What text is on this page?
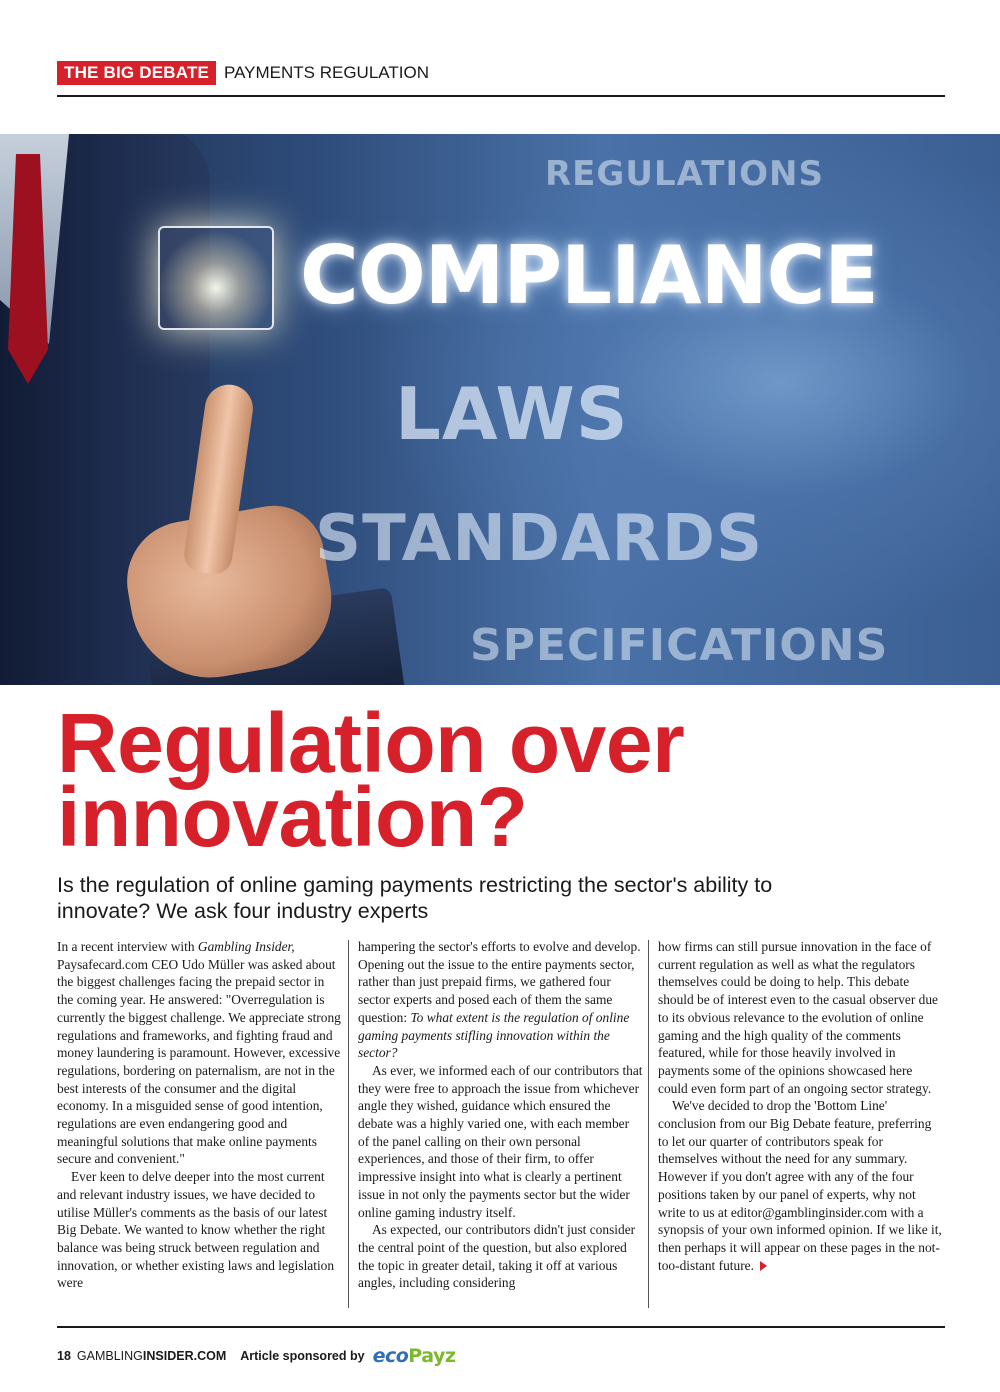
THE BIG DEBATE PAYMENTS REGULATION
REGULATIONS
COMPLIANCE
LAWS
STANDARDS
SPECIFICATIONS
Regulation over
innovation?

Is the regulation of online gaming payments restricting the sector's ability to innovate? We ask four industry experts

In a recent interview with Gambling Insider, Paysafecard.com CEO Udo Müller was asked about the biggest challenges facing the prepaid sector in the coming year. He answered: "Overregulation is currently the biggest challenge. We appreciate strong regulations and frameworks, and fighting fraud and money laundering is paramount. However, excessive regulations, bordering on paternalism, are not in the best interests of the consumer and the digital economy. In a misguided sense of good intention, regulations are even endangering good and meaningful solutions that make online payments secure and convenient."

Ever keen to delve deeper into the most current and relevant industry issues, we have decided to utilise Müller's comments as the basis of our latest Big Debate. We wanted to know whether the right balance was being struck between regulation and innovation, or whether existing laws and legislation were

hampering the sector's efforts to evolve and develop. Opening out the issue to the entire payments sector, rather than just prepaid firms, we gathered four sector experts and posed each of them the same question: To what extent is the regulation of online gaming payments stifling innovation within the sector?

As ever, we informed each of our contributors that they were free to approach the issue from whichever angle they wished, guidance which ensured the debate was a highly varied one, with each member of the panel calling on their own personal experiences, and those of their firm, to offer impressive insight into what is clearly a pertinent issue in not only the payments sector but the wider online gaming industry itself.

As expected, our contributors didn't just consider the central point of the question, but also explored the topic in greater detail, taking it off at various angles, including considering

how firms can still pursue innovation in the face of current regulation as well as what the regulators themselves could be doing to help. This debate should be of interest even to the casual observer due to its obvious relevance to the evolution of online gaming and the high quality of the comments featured, while for those heavily involved in payments some of the opinions showcased here could even form part of an ongoing sector strategy.

We've decided to drop the 'Bottom Line' conclusion from our Big Debate feature, preferring to let our quarter of contributors speak for themselves without the need for any summary. However if you don't agree with any of the four positions taken by our panel of experts, why not write to us at editor@gamblinginsider.com with a synopsis of your own informed opinion. If we like it, then perhaps it will appear on these pages in the not-too-distant future.

18 GAMBLING INSIDER.COM Article sponsored by eco Payz
